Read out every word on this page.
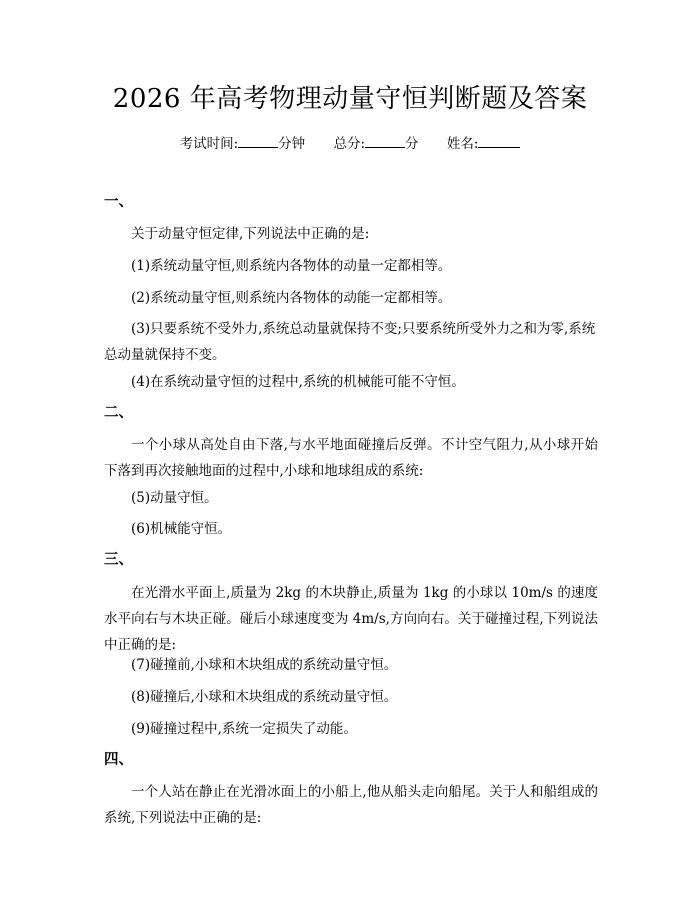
2026 年高考物理动量守恒判断题及答案
考试时间:	分钟 总分:	分 姓名:
一、

关于动量守恒定律,下列说法中正确的是:

(1)系统动量守恒,则系统内各物体的动量一定都相等。

(2)系统动量守恒,则系统内各物体的动能一定都相等。

(3)只要系统不受外力,系统总动量就保持不变;只要系统所受外力之和为零,系统总动量就保持不变。

(4)在系统动量守恒的过程中,系统的机械能可能不守恒。

二、

一个小球从高处自由下落,与水平地面碰撞后反弹。不计空气阻力,从小球开始下落到再次接触地面的过程中,小球和地球组成的系统:

(5)动量守恒。

(6)机械能守恒。

三、

在光滑水平面上,质量为 2kg 的木块静止,质量为 1kg 的小球以 10m/s 的速度水平向右与木块正碰。碰后小球速度变为 4m/s,方向向右。关于碰撞过程,下列说法中正确的是:

(7)碰撞前,小球和木块组成的系统动量守恒。

(8)碰撞后,小球和木块组成的系统动量守恒。

(9)碰撞过程中,系统一定损失了动能。

四、

一个人站在静止在光滑冰面上的小船上,他从船头走向船尾。关于人和船组成的系统,下列说法中正确的是:
